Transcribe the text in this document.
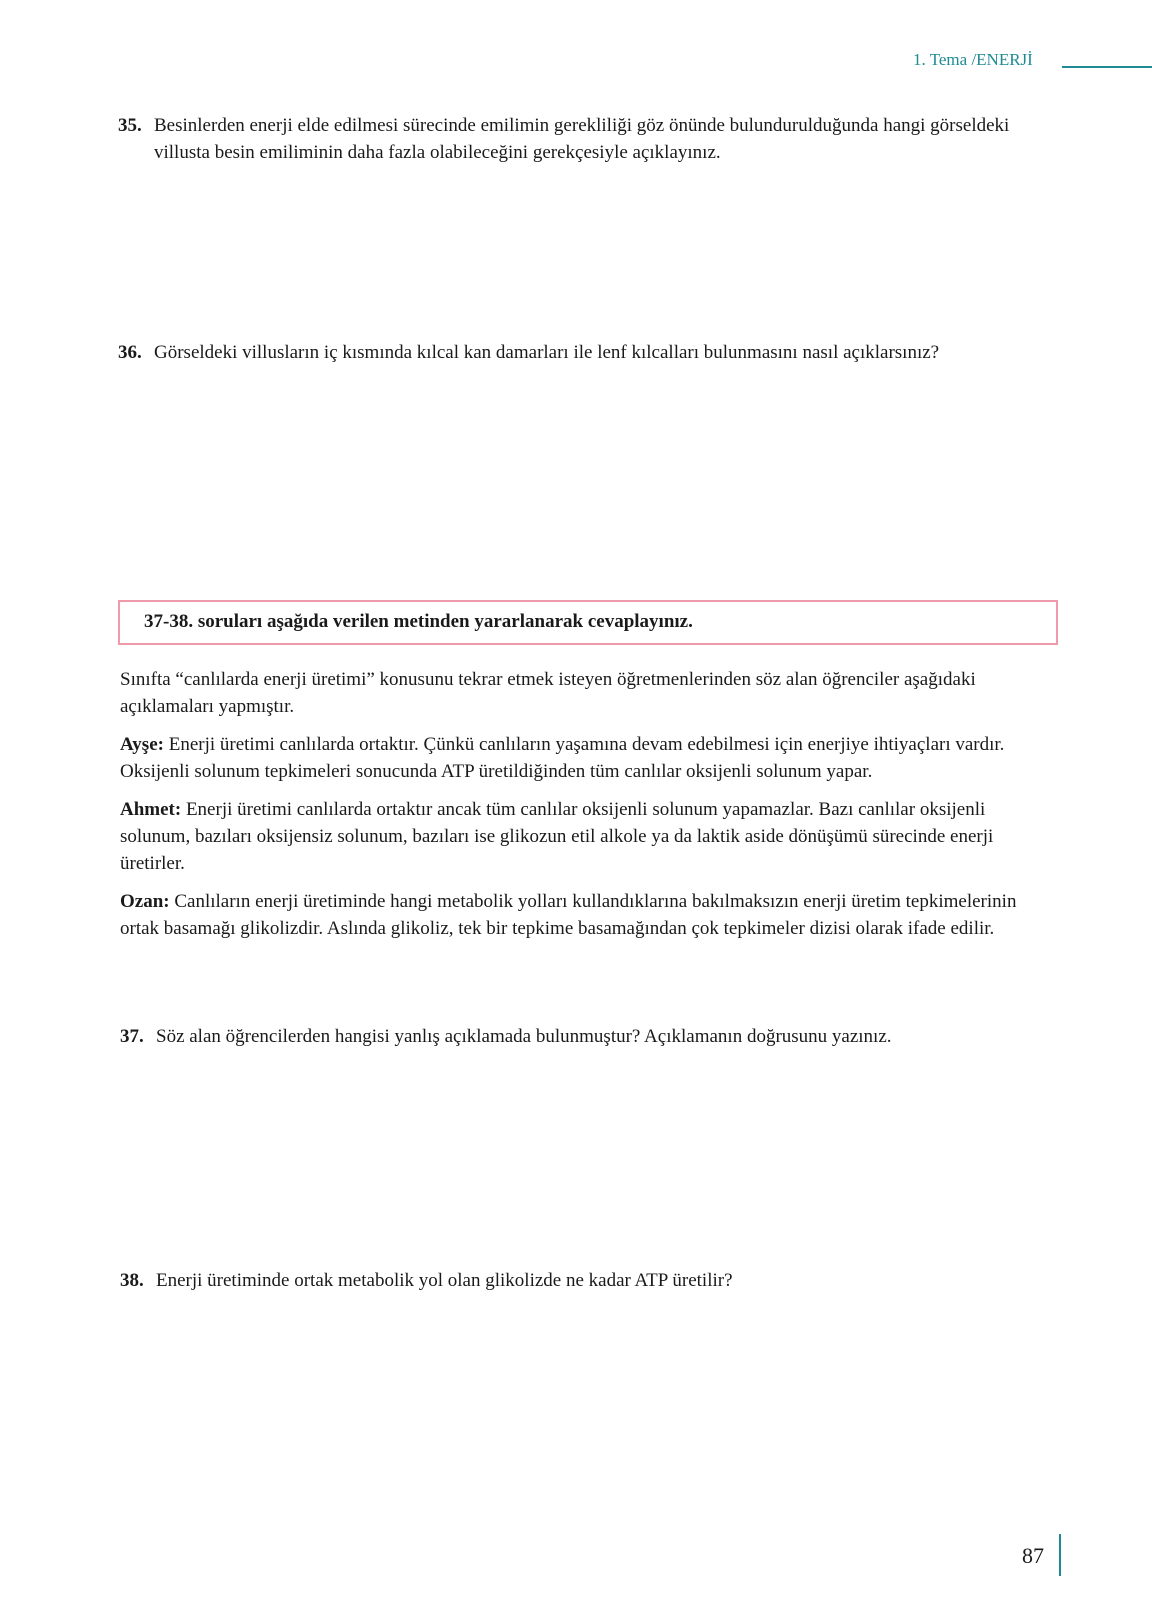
1. Tema /ENERJİ
35. Besinlerden enerji elde edilmesi sürecinde emilimin gerekliliği göz önünde bulundurulduğunda hangi görseldeki villusta besin emiliminin daha fazla olabileceğini gerekçesiyle açıklayınız.
36. Görseldeki villusların iç kısmında kılcal kan damarları ile lenf kılcalları bulunmasını nasıl açıklarsınız?
37-38. soruları aşağıda verilen metinden yararlanarak cevaplayınız.

Sınıfta “canlılarda enerji üretimi” konusunu tekrar etmek isteyen öğretmenlerinden söz alan öğrenciler aşağıdaki açıklamaları yapmıştır.

Ayşe: Enerji üretimi canlılarda ortaktır. Çünkü canlıların yaşamına devam edebilmesi için enerjiye ihtiyaçları vardır. Oksijenli solunum tepkimeleri sonucunda ATP üretildiğinden tüm canlılar oksijenli solunum yapar.

Ahmet: Enerji üretimi canlılarda ortaktır ancak tüm canlılar oksijenli solunum yapamazlar. Bazı canlılar oksijenli solunum, bazıları oksijensiz solunum, bazıları ise glikozun etil alkole ya da laktik aside dönüşümü sürecinde enerji üretirler.

Ozan: Canlıların enerji üretiminde hangi metabolik yolları kullandıklarına bakılmaksızın enerji üretim tepkimelerinin ortak basamağı glikolizdir. Aslında glikoliz, tek bir tepkime basamağından çok tepkimeler dizisi olarak ifade edilir.

37. Söz alan öğrencilerden hangisi yanlış açıklamada bulunmuştur? Açıklamanın doğrusunu yazınız.
38. Enerji üretiminde ortak metabolik yol olan glikolizde ne kadar ATP üretilir?
87
